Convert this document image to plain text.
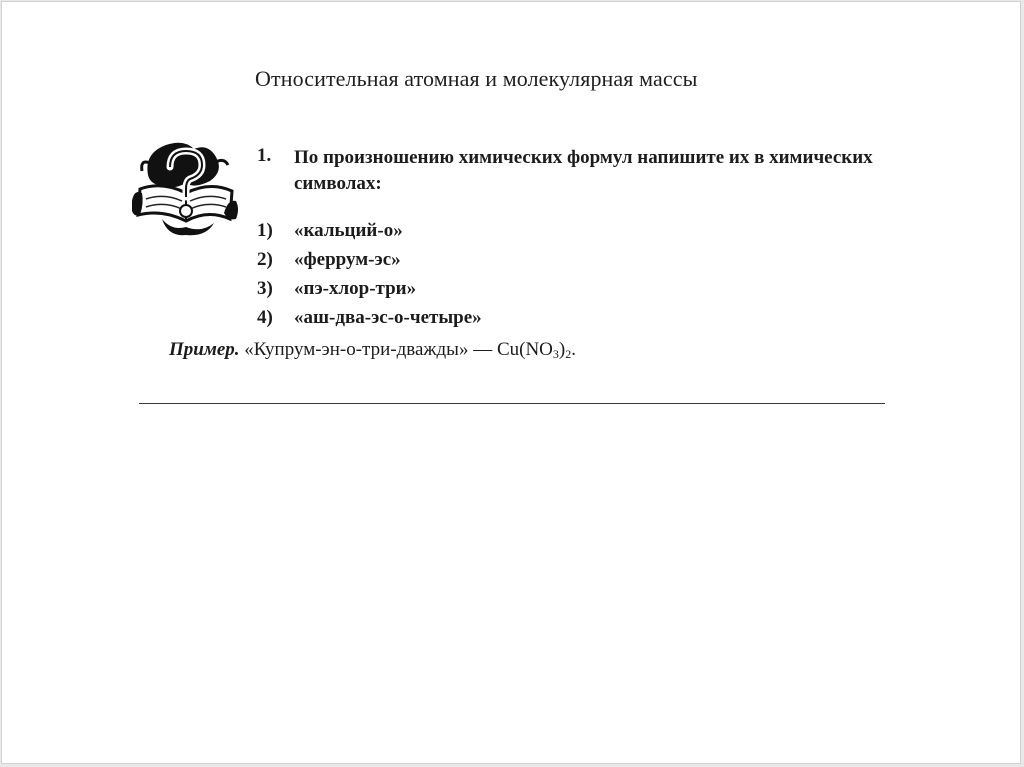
Относительная атомная и молекулярная массы
1. По произношению химических формул напишите их в химических символах:
1) «кальций-о»
2) «феррум-эс»
3) «пэ-хлор-три»
4) «аш-два-эс-о-четыре»
Пример. «Купрум-эн-о-три-дважды» — $Cu(NO_3)_2$.
